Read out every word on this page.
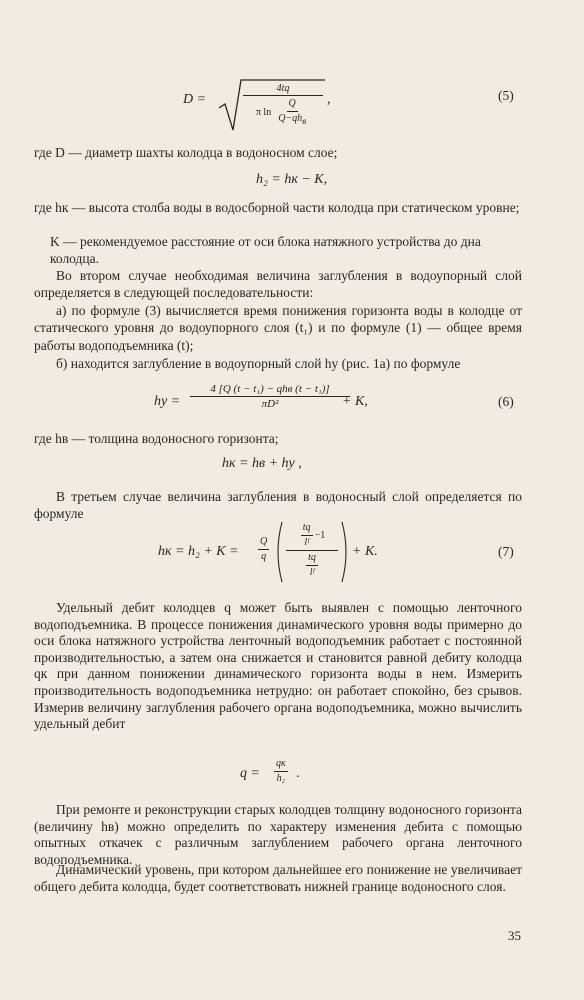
D =
4tq
π $\ln \frac{Q}{Q-qh_в}$ ,	(5)
где D — диаметр шахты колодца в водоносном слое;
h₂ = hк − K,
где hк — высота столба воды в водосборной части колодца при статическом уровне;
K — рекомендуемое расстояние от оси блока натяжного устройства до дна колодца.
Во втором случае необходимая величина заглубления в водоупорный слой определяется в следующей последовательности:
а) по формуле (3) вычисляется время понижения горизонта воды в колодце от статического уровня до водоупорного слоя (t₁) и по формуле (1) — общее время работы водоподъемника (t);
б) находится заглубление в водоупорный слой hу (рис. 1а) по формуле
hу =
4 [Q (t − t₁) − qhв (t − t₁)]
πD²	+ K,	(6)
где hв — толщина водоносного горизонта;
hк = hв + hу ,
В третьем случае величина заглубления в водоносный слой определяется по формуле
hк = $h_2 + K = \frac{Q}{q} \frac{\frac{tq}{\text{lᶠ}} -1}{\frac{tq}{\text{lᶠ}}} + K$.	(7)
Удельный дебит колодцев q может быть выявлен с помощью ленточного водоподъемника. В процессе понижения динамического уровня воды примерно до оси блока натяжного устройства ленточный водоподъемник работает с постоянной производительностью, а затем она снижается и становится равной дебиту колодца qк при данном понижении динамического горизонта воды в нем. Измерить производительность водоподъемника нетрудно: он работает спокойно, без срывов. Измерив величину заглубления рабочего органа водоподъемника, можно вычислить удельный дебит
q =
qк
h₂ .
При ремонте и реконструкции старых колодцев толщину водоносного горизонта (величину hв) можно определить по характеру изменения дебита с помощью опытных откачек с различным заглублением рабочего органа ленточного водоподъемника.
Динамический уровень, при котором дальнейшее его понижение не увеличивает общего дебита колодца, будет соответствовать нижней границе водоносного слоя.
35
